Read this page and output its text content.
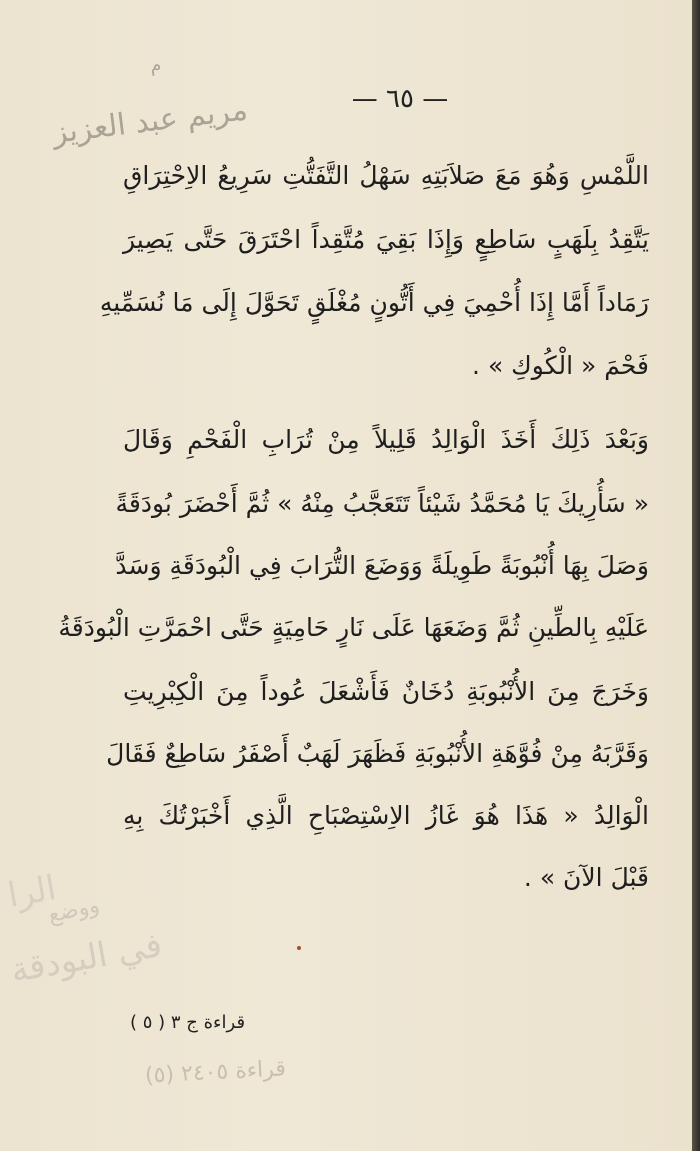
م
مريم عبد العزيز	— ٦٥ —
اللَّمْسِ وَهُوَ مَعَ صَلاَبَتِهِ سَهْلُ التَّفَتُّتِ سَرِيعُ الاِحْتِرَاقِ
يَتَّقِدُ بِلَهَبٍ سَاطِعٍ وَإِذَا بَقِيَ مُتَّقِداً احْتَرَقَ حَتَّى يَصِيرَ
رَمَاداً أَمَّا إِذَا أُحْمِيَ فِي أَتُّونٍ مُغْلَقٍ تَحَوَّلَ إِلَى مَا نُسَمِّيهِ
فَحْمَ « الْكُوكِ » .
وَبَعْدَ ذَلِكَ أَخَذَ الْوَالِدُ قَلِيلاً مِنْ تُرَابِ الْفَحْمِ وَقَالَ
« سَأُرِيكَ يَا مُحَمَّدُ شَيْئاً تَتَعَجَّبُ مِنْهُ » ثُمَّ أَحْضَرَ بُودَقَةً
وَصَلَ بِهَا أُنْبُوبَةً طَوِيلَةً وَوَضَعَ التُّرَابَ فِي الْبُودَقَةِ وَسَدَّ
عَلَيْهِ بِالطِّينِ ثُمَّ وَضَعَهَا عَلَى نَارٍ حَامِيَةٍ حَتَّى احْمَرَّتِ الْبُودَقَةُ
وَخَرَجَ مِنَ الأُنْبُوبَةِ دُخَانٌ فَأَشْعَلَ عُوداً مِنَ الْكِبْرِيتِ
وَقَرَّبَهُ مِنْ فُوَّهَةِ الأُنْبُوبَةِ فَظَهَرَ لَهَبٌ أَصْفَرُ سَاطِعٌ فَقَالَ
الْوَالِدُ « هَذَا هُوَ غَازُ الاِسْتِصْبَاحِ الَّذِي أَخْبَرْتُكَ بِهِ
قَبْلَ الآنَ » .
ووضع
في البودقة
الرا
قراءة ج ٣ ( ٥ )
قراءة ٢٤٠٥ (٥)
